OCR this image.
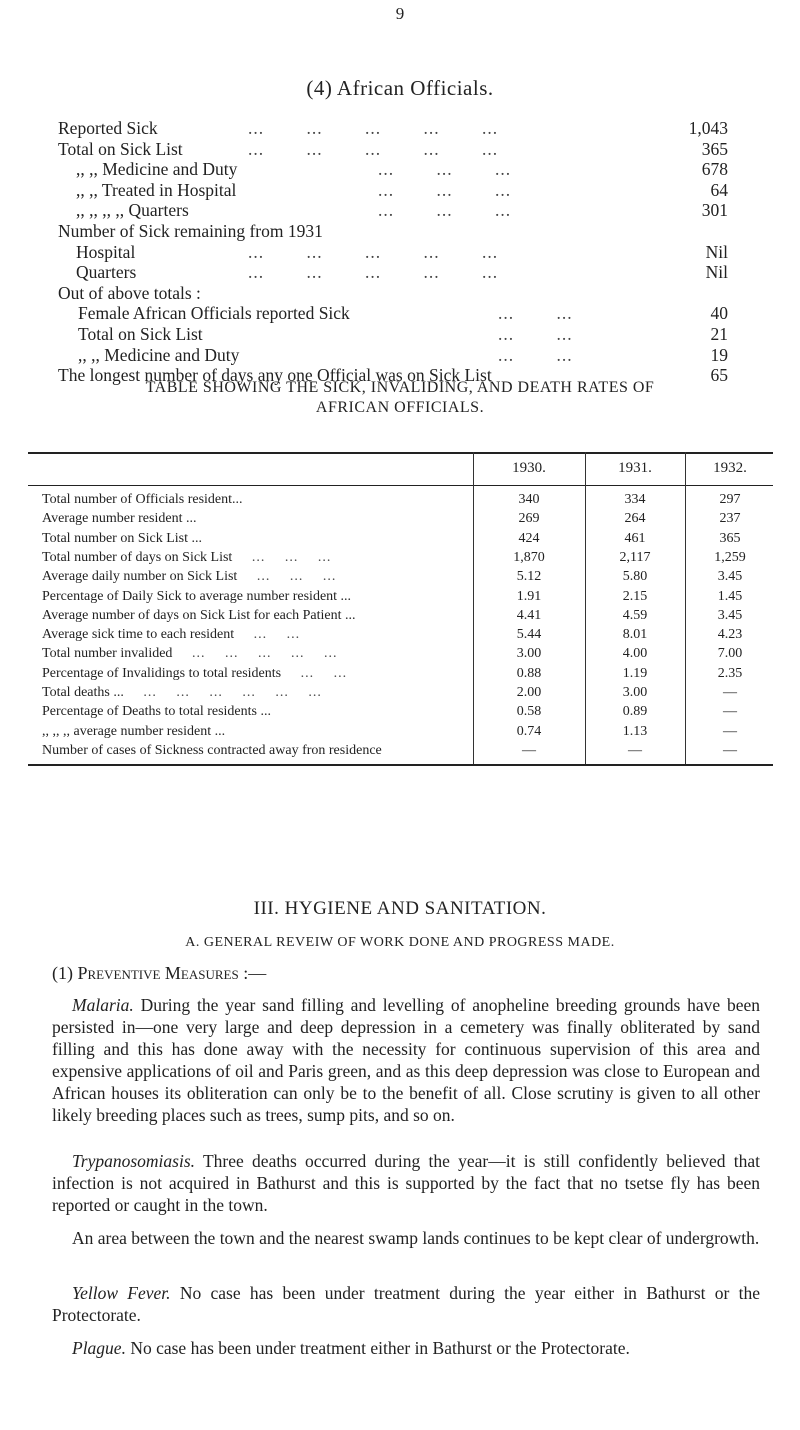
9
(4) African Officials.
Reported Sick	...   ...   ...   ...   ...	1,043
Total on Sick List	...   ...   ...   ...   ...	365
,, ,, Medicine and Duty	...   ...   ...	678
,, ,, Treated in Hospital	...   ...   ...	64
,, ,, ,, ,, Quarters	...   ...   ...	301
Number of Sick remaining from 1931
Hospital	...   ...   ...   ...   ...	Nil
Quarters	...   ...   ...   ...   ...	Nil
Out of above totals :
Female African Officials reported Sick	...   ...	40
Total on Sick List	...   ...	21
,, ,, Medicine and Duty	...   ...	19
The longest number of days any one Official was on Sick List	65
TABLE SHOWING THE SICK, INVALIDING, AND DEATH RATES OF
AFRICAN OFFICIALS.
1930.	1931.	1932.
Total number of Officials resident...	340	334	297
Average number resident ...	269	264	237
Total number on Sick List ...	424	461	365
Total number of days on Sick List  ...  ...  ...	1,870	2,117	1,259
Average daily number on Sick List  ...  ...  ...	5.12	5.80	3.45
Percentage of Daily Sick to average number resident ...	1.91	2.15	1.45
Average number of days on Sick List for each Patient ...	4.41	4.59	3.45
Average sick time to each resident  ...  ...	5.44	8.01	4.23
Total number invalided  ...  ...  ...  ...  ...	3.00	4.00	7.00
Percentage of Invalidings to total residents  ...  ...	0.88	1.19	2.35
Total deaths ...  ...  ...  ...  ...  ...  ...	2.00	3.00	—
Percentage of Deaths to total residents ...	0.58	0.89	—
,, ,, ,, average number resident ...	0.74	1.13	—
Number of cases of Sickness contracted away fron residence	—	—	—
III. HYGIENE AND SANITATION.
A. GENERAL REVEIW OF WORK DONE AND PROGRESS MADE.
(1) Preventive Measures :—
Malaria. During the year sand filling and levelling of anopheline breeding grounds have been persisted in—one very large and deep depression in a cemetery was finally obliterated by sand filling and this has done away with the necessity for continuous supervision of this area and expensive applications of oil and Paris green, and as this deep depression was close to European and African houses its obliteration can only be to the benefit of all. Close scrutiny is given to all other likely breeding places such as trees, sump pits, and so on.
Trypanosomiasis. Three deaths occurred during the year—it is still confidently believed that infection is not acquired in Bathurst and this is supported by the fact that no tsetse fly has been reported or caught in the town.
An area between the town and the nearest swamp lands continues to be kept clear of undergrowth.
Yellow Fever. No case has been under treatment during the year either in Bathurst or the Protectorate.
Plague. No case has been under treatment either in Bathurst or the Protectorate.
